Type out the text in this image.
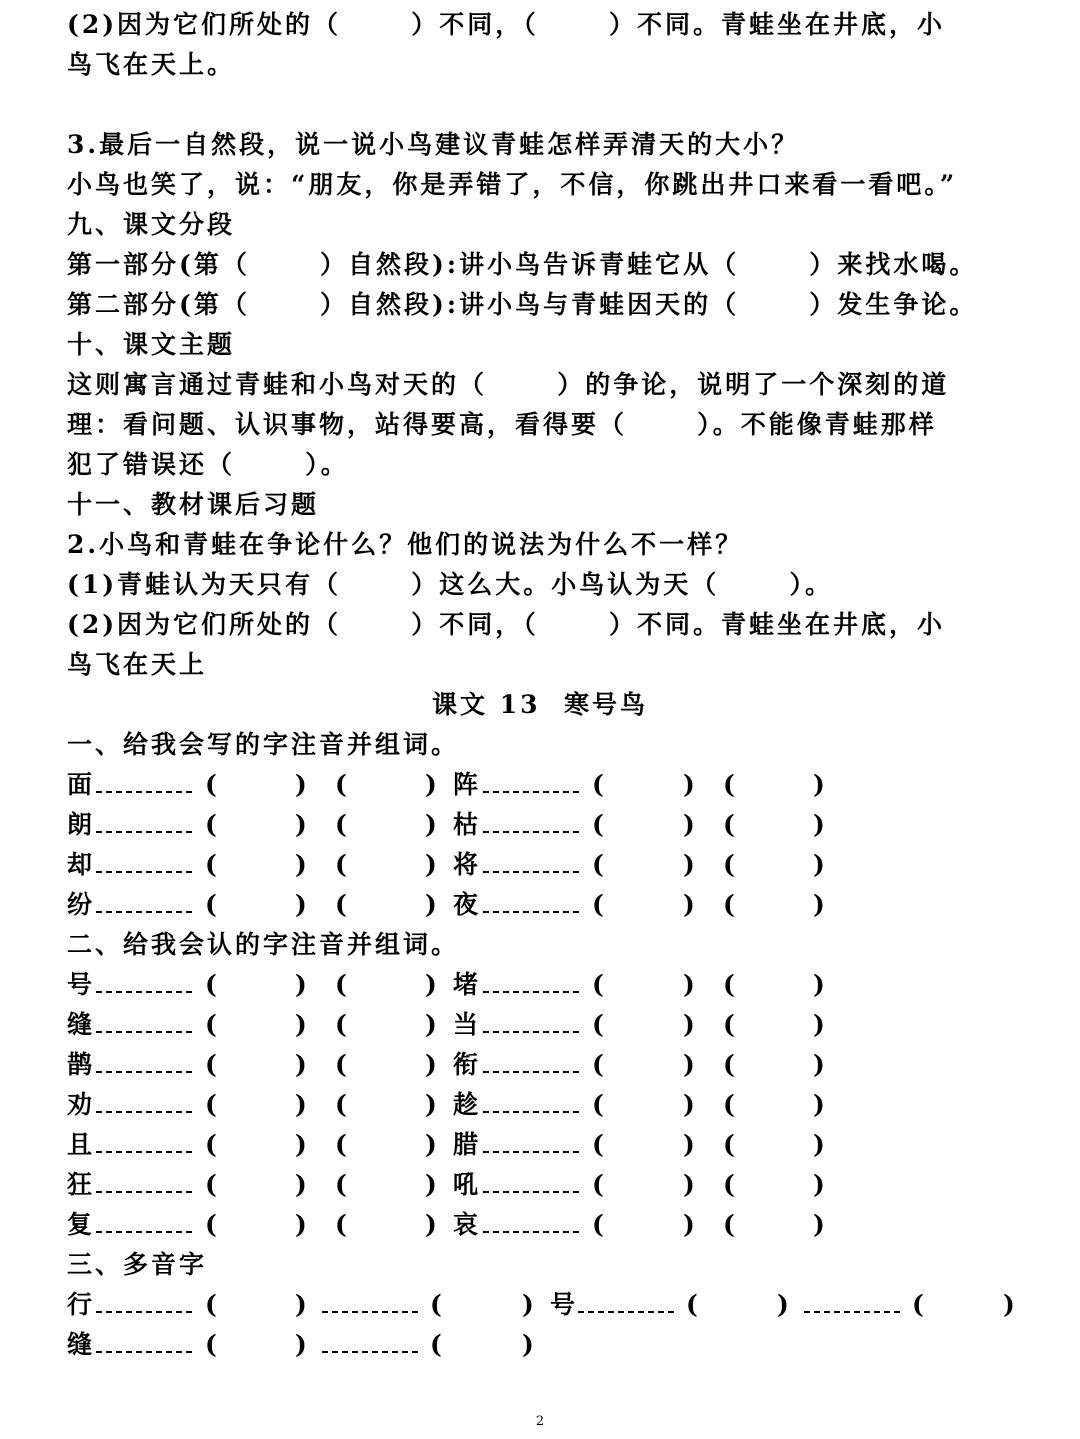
(2)因为它们所处的（      ）不同，（      ）不同。青蛙坐在井底，小
鸟飞在天上。
3.最后一自然段，说一说小鸟建议青蛙怎样弄清天的大小？
小鸟也笑了，说：“朋友，你是弄错了，不信，你跳出井口来看一看吧。”
九、课文分段
第一部分(第（      ）自然段):讲小鸟告诉青蛙它从（      ）来找水喝。
第二部分(第（      ）自然段):讲小鸟与青蛙因天的（      ）发生争论。
十、课文主题
这则寓言通过青蛙和小鸟对天的（      ）的争论，说明了一个深刻的道
理：看问题、认识事物，站得要高，看得要（      ）。不能像青蛙那样
犯了错误还（      ）。
十一、教材课后习题
2.小鸟和青蛙在争论什么？他们的说法为什么不一样？
(1)青蛙认为天只有（      ）这么大。小鸟认为天（      ）。
(2)因为它们所处的（      ）不同，（      ）不同。青蛙坐在井底，小
鸟飞在天上
课文 13  寒号鸟
一、给我会写的字注音并组词。
面	(	) (	) 阵	(	) (	)
朗	(	) (	) 枯	(	) (	)
却	(	) (	) 将	(	) (	)
纷	(	) (	) 夜	(	) (	)
二、给我会认的字注音并组词。
号	(	) (	) 堵	(	) (	)
缝	(	) (	) 当	(	) (	)
鹊	(	) (	) 衔	(	) (	)
劝	(	) (	) 趁	(	) (	)
且	(	) (	) 腊	(	) (	)
狂	(	) (	) 吼	(	) (	)
复	(	) (	) 哀	(	) (	)
三、多音字
行	(	)	(	) 号	(	)	(	)
缝	(	)	(	)
2
